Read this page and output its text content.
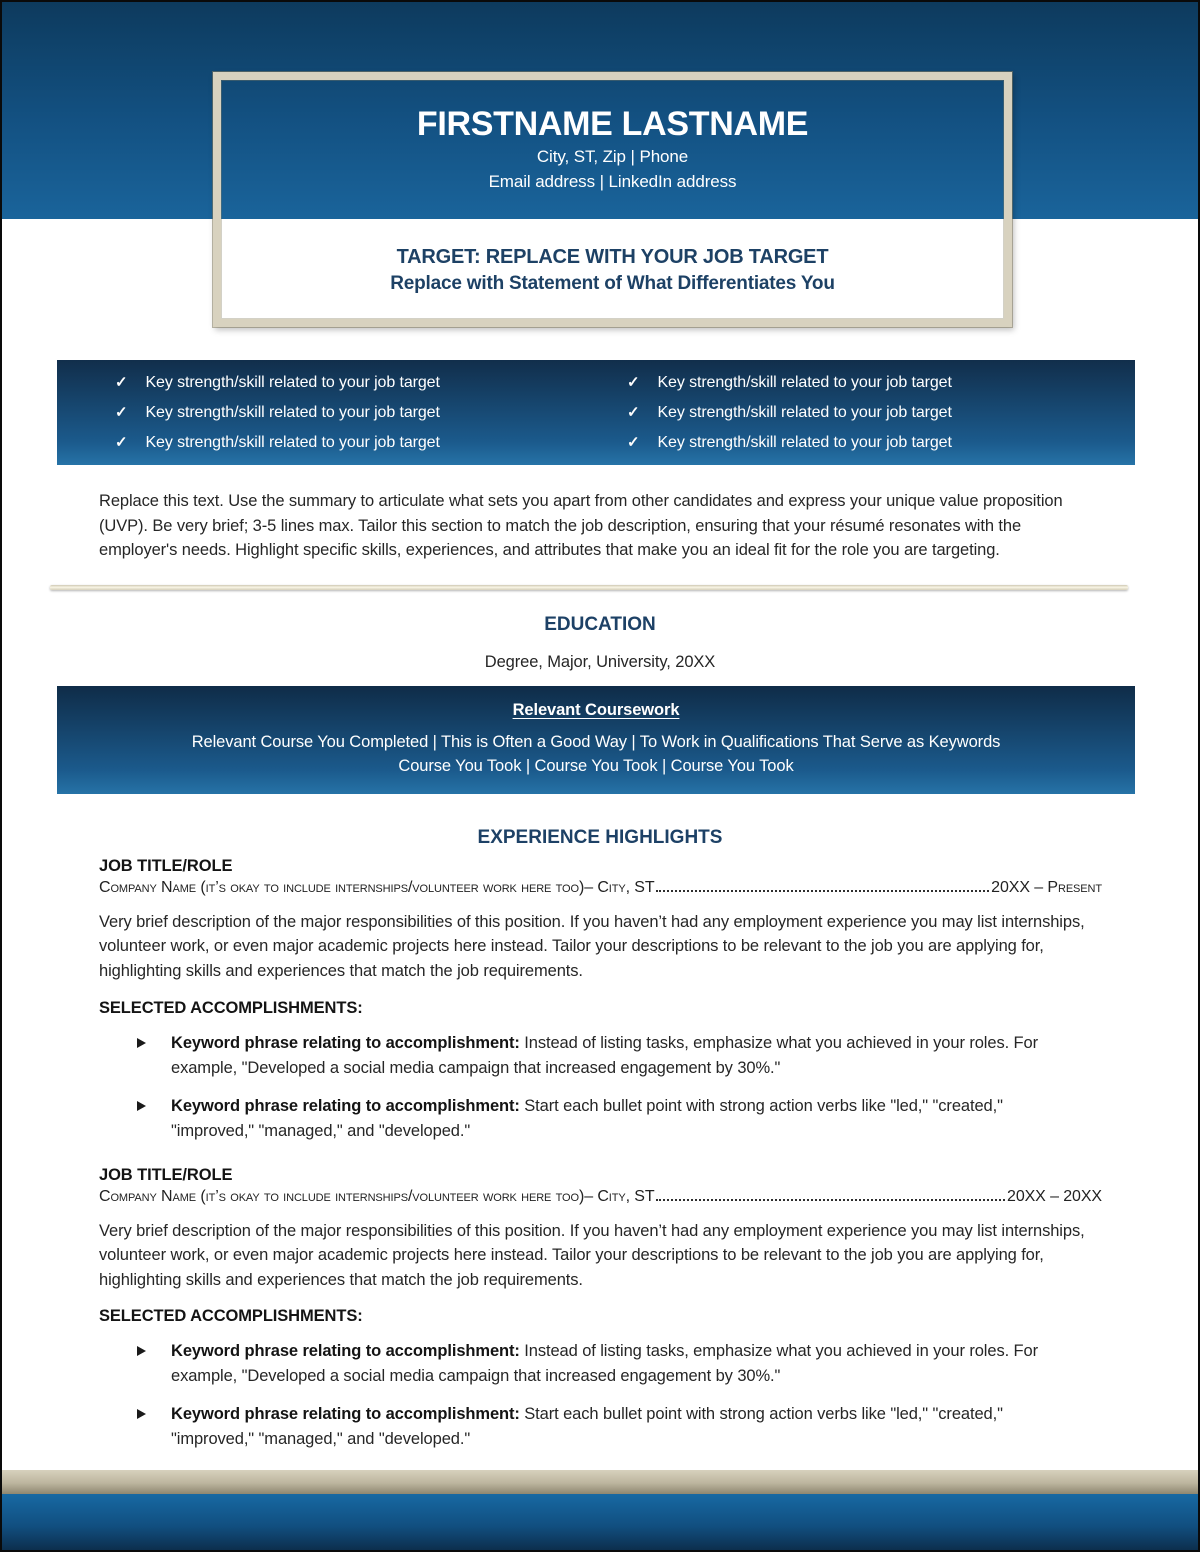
FIRSTNAME LASTNAME
City, ST, Zip | Phone
Email address | LinkedIn address
TARGET: REPLACE WITH YOUR JOB TARGET
Replace with Statement of What Differentiates You
✓ Key strength/skill related to your job target	✓ Key strength/skill related to your job target
✓ Key strength/skill related to your job target	✓ Key strength/skill related to your job target
✓ Key strength/skill related to your job target	✓ Key strength/skill related to your job target
Replace this text. Use the summary to articulate what sets you apart from other candidates and express your unique value proposition (UVP). Be very brief; 3-5 lines max. Tailor this section to match the job description, ensuring that your résumé resonates with the employer's needs. Highlight specific skills, experiences, and attributes that make you an ideal fit for the role you are targeting.
EDUCATION
Degree, Major, University, 20XX
Relevant Coursework
Relevant Course You Completed | This is Often a Good Way | To Work in Qualifications That Serve as Keywords
Course You Took | Course You Took | Course You Took
EXPERIENCE HIGHLIGHTS
JOB TITLE/ROLE
Company Name (it’s okay to include internships/volunteer work here too)– City, ST	20XX – Present
Very brief description of the major responsibilities of this position. If you haven’t had any employment experience you may list internships, volunteer work, or even major academic projects here instead. Tailor your descriptions to be relevant to the job you are applying for, highlighting skills and experiences that match the job requirements.
SELECTED ACCOMPLISHMENTS:
Keyword phrase relating to accomplishment: Instead of listing tasks, emphasize what you achieved in your roles. For example, "Developed a social media campaign that increased engagement by 30%."
Keyword phrase relating to accomplishment: Start each bullet point with strong action verbs like "led," "created," "improved," "managed," and "developed."
JOB TITLE/ROLE
Company Name (it’s okay to include internships/volunteer work here too)– City, ST	20XX – 20XX
Very brief description of the major responsibilities of this position. If you haven’t had any employment experience you may list internships, volunteer work, or even major academic projects here instead. Tailor your descriptions to be relevant to the job you are applying for, highlighting skills and experiences that match the job requirements.
SELECTED ACCOMPLISHMENTS:
Keyword phrase relating to accomplishment: Instead of listing tasks, emphasize what you achieved in your roles. For example, "Developed a social media campaign that increased engagement by 30%."
Keyword phrase relating to accomplishment: Start each bullet point with strong action verbs like "led," "created," "improved," "managed," and "developed."
